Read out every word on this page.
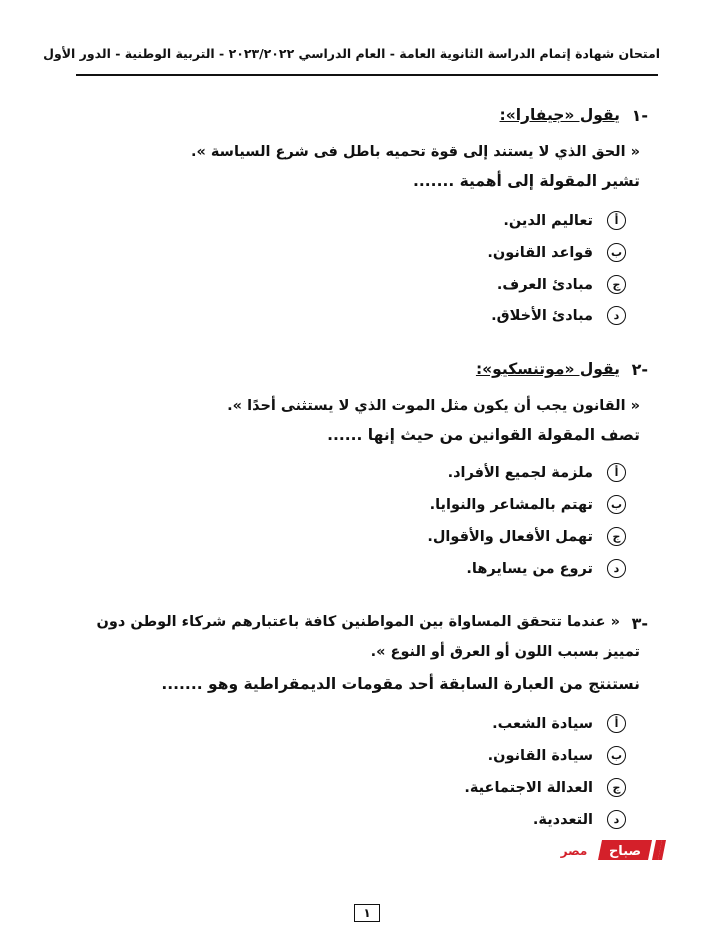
امتحان شهادة إتمام الدراسة الثانوية العامة - العام الدراسي ٢٠٢٣/٢٠٢٢ - التربية الوطنية - الدور الأول
-١
يقول «جيفارا»:
« الحق الذي لا يستند إلى قوة تحميه باطل فى شرع السياسة ».
تشير المقولة إلى أهمية .......
أ
تعاليم الدين.
ب
قواعد القانون.
ج
مبادئ العرف.
د
مبادئ الأخلاق.
-٢
يقول «موتنسكيو»:
« القانون يجب أن يكون مثل الموت الذي لا يستثنى أحدًا ».
تصف المقولة القوانين من حيث إنها ......
أ
ملزمة لجميع الأفراد.
ب
تهتم بالمشاعر والنوايا.
ج
تهمل الأفعال والأقوال.
د
تروع من يسايرها.
-٣
« عندما تتحقق المساواة بين المواطنين كافة باعتبارهم شركاء الوطن دون
تمييز بسبب اللون أو العرق أو النوع ».
نستنتج من العبارة السابقة أحد مقومات الديمقراطية وهو .......
أ
سيادة الشعب.
ب
سيادة القانون.
ج
العدالة الاجتماعية.
د
التعددية.
صباح
مصر
١
